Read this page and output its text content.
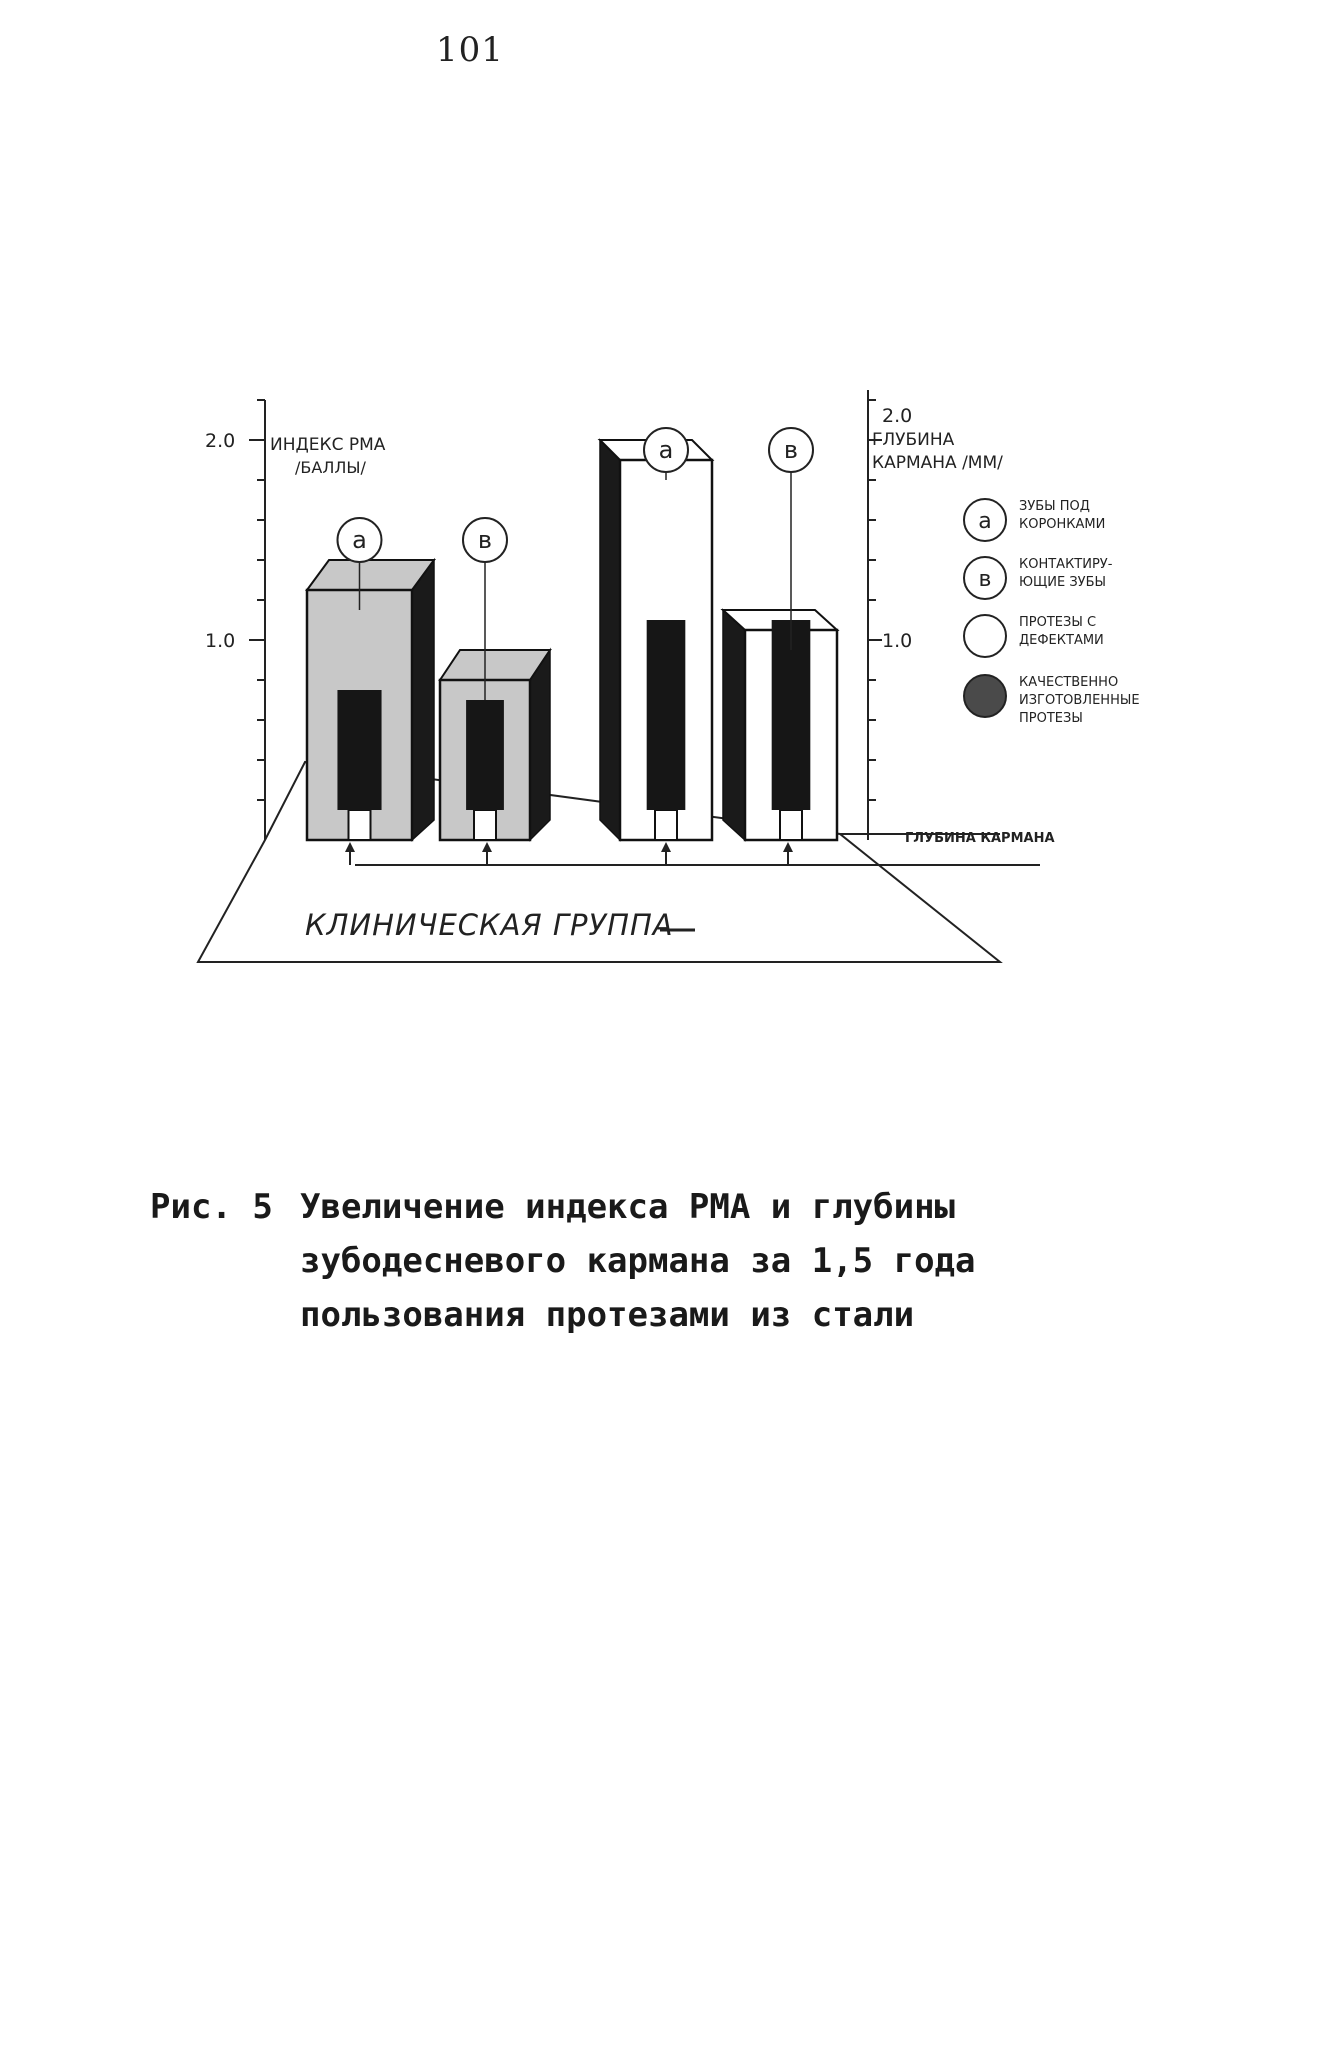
101
1.0
2.0
1.0
2.0
а	в
а	в
а
ЗУБЫ ПОД
КОРОНКАМИ
в
КОНТАКТИРУ-
ЮЩИЕ ЗУБЫ
ПРОТЕЗЫ С
ДЕФЕКТАМИ
КАЧЕСТВЕННО
ИЗГОТОВЛЕННЫЕ
ПРОТЕЗЫ
ИНДЕКС РМА
/БАЛЛЫ/
ГЛУБИНА
КАРМАНА /ММ/
ГЛУБИНА КАРМАНА
КЛИНИЧЕСКАЯ ГРУППА
Рис. 5 Увеличение индекса РМА и глубины зубодесневого кармана за 1,5 года пользования протезами из стали
